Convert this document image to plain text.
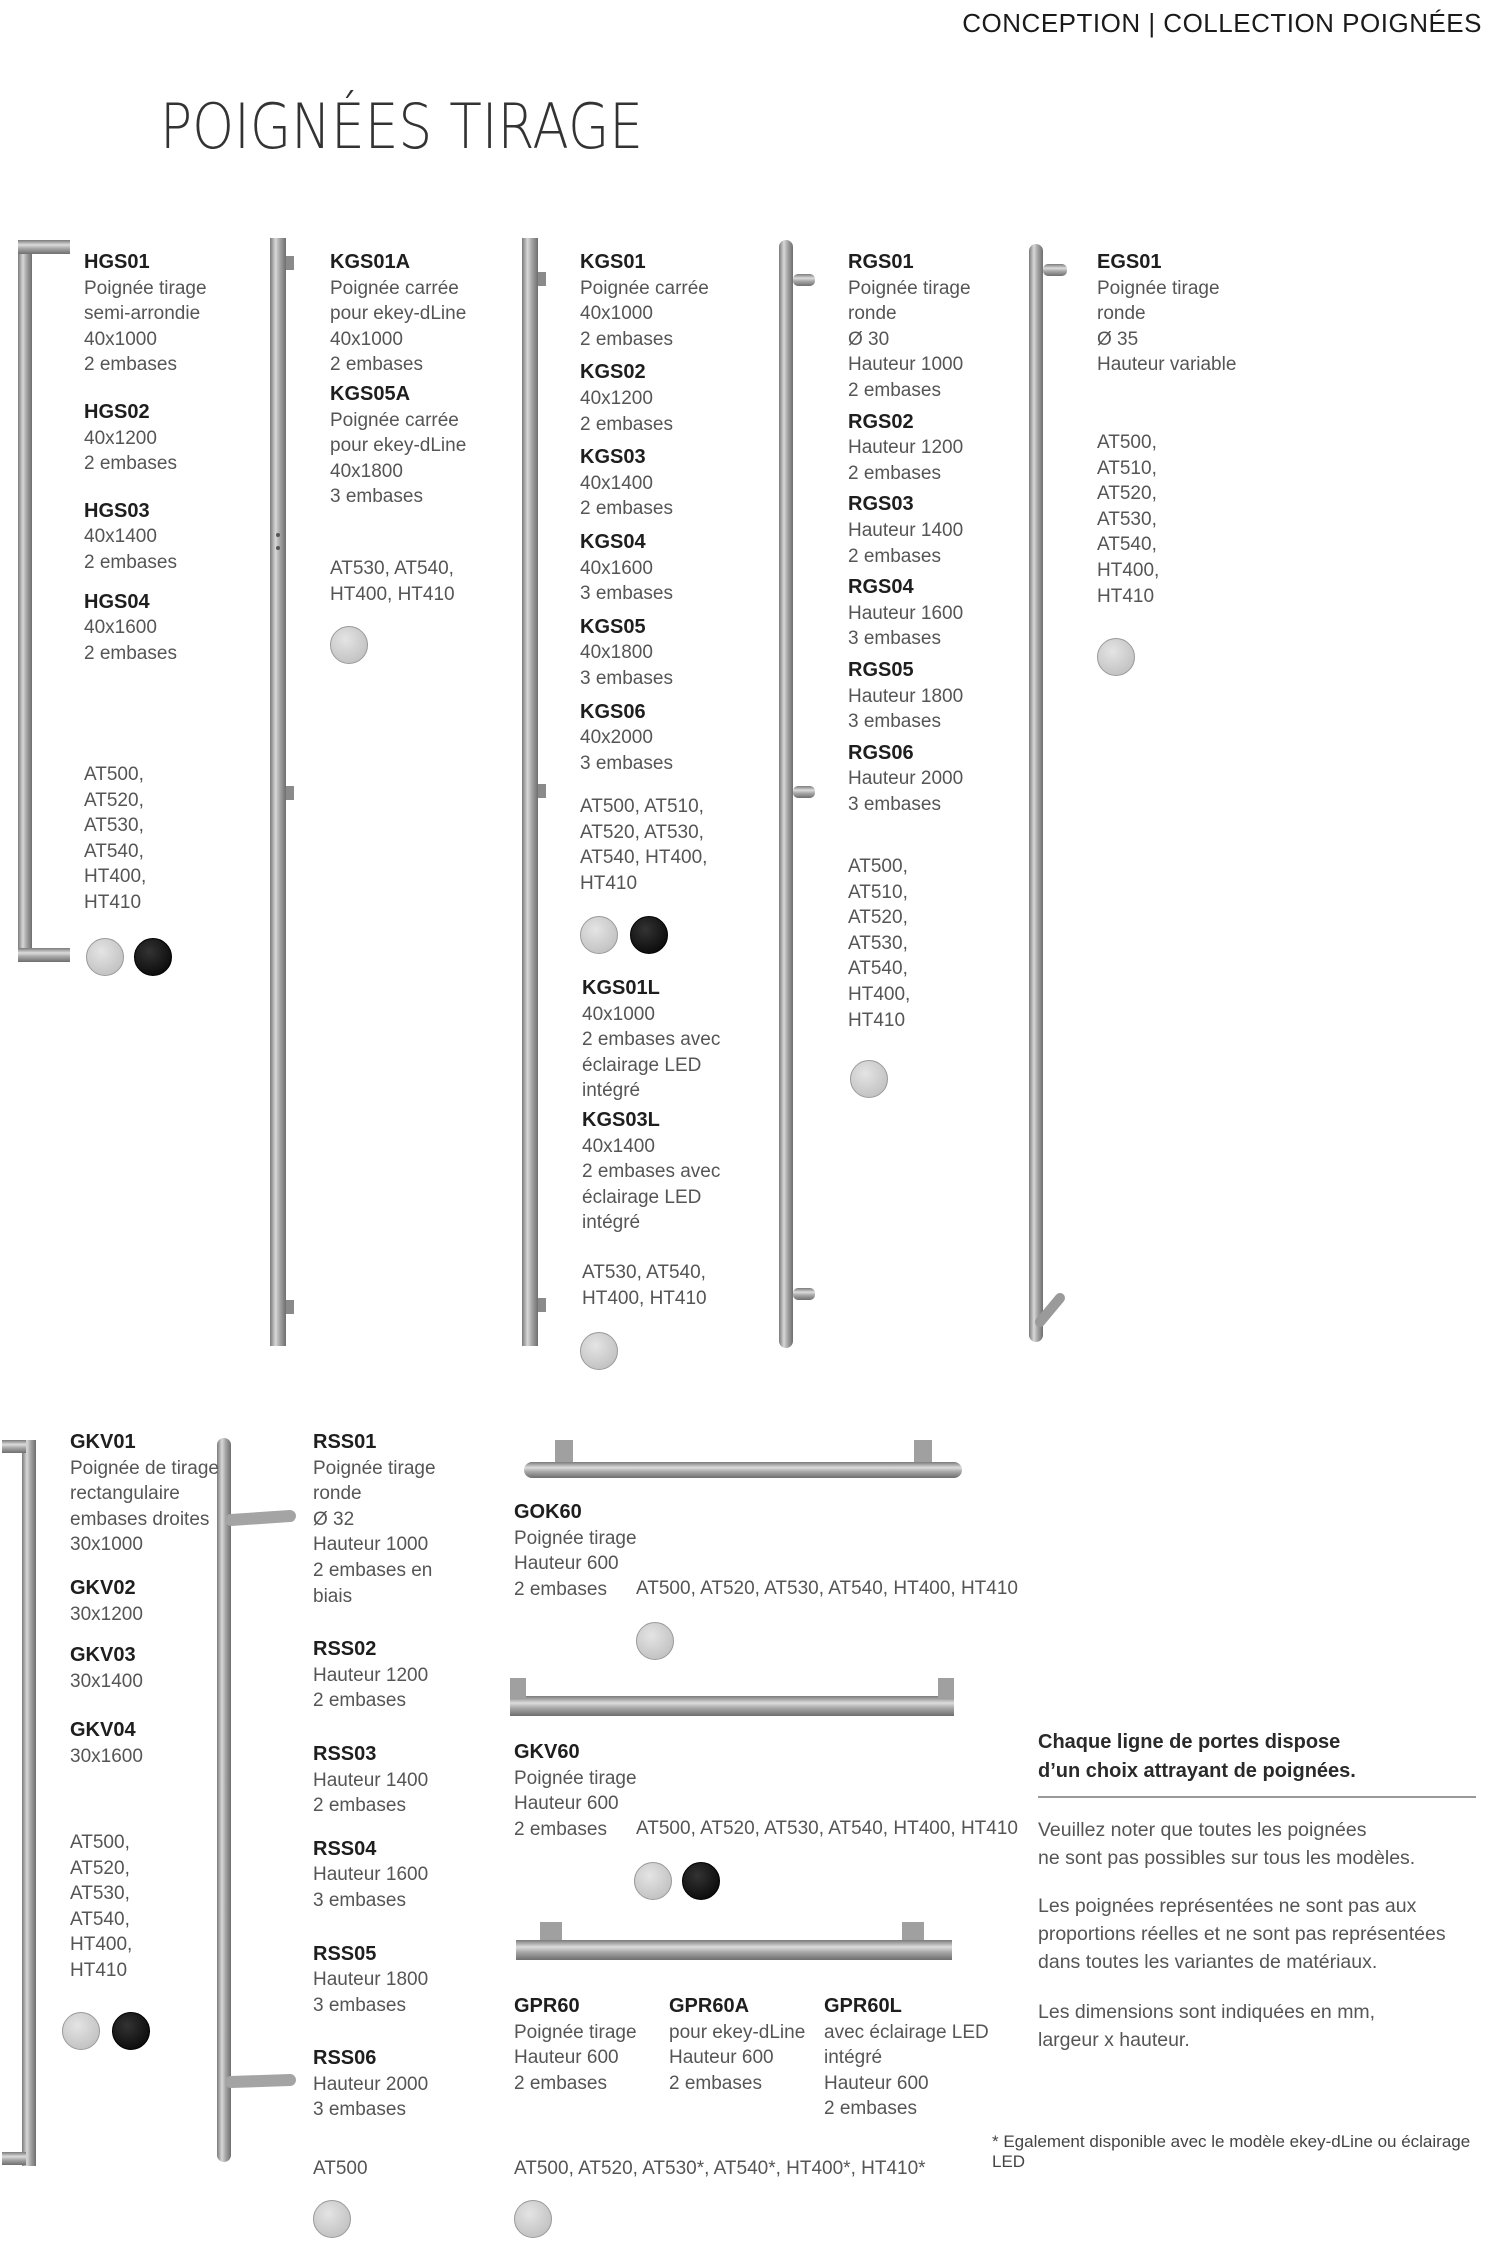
CONCEPTION | COLLECTION POIGNÉES
POIGNÉES TIRAGE
HGS01
Poignée tirage
semi-arrondie
40x1000
2 embases
HGS02
40x1200
2 embases
HGS03
40x1400
2 embases
HGS04
40x1600
2 embases
AT500,
AT520,
AT530,
AT540,
HT400,
HT410
KGS01A
Poignée carrée
pour ekey-dLine
40x1000
2 embases
KGS05A
Poignée carrée
pour ekey-dLine
40x1800
3 embases
AT530, AT540,
HT400, HT410
KGS01
Poignée carrée
40x1000
2 embases
KGS02
40x1200
2 embases
KGS03
40x1400
2 embases
KGS04
40x1600
3 embases
KGS05
40x1800
3 embases
KGS06
40x2000
3 embases
AT500, AT510,
AT520, AT530,
AT540, HT400,
HT410
KGS01L
40x1000
2 embases avec
éclairage LED
intégré
KGS03L
40x1400
2 embases avec
éclairage LED
intégré
AT530, AT540,
HT400, HT410
RGS01
Poignée tirage
ronde
Ø 30
Hauteur 1000
2 embases
RGS02
Hauteur 1200
2 embases
RGS03
Hauteur 1400
2 embases
RGS04
Hauteur 1600
3 embases
RGS05
Hauteur 1800
3 embases
RGS06
Hauteur 2000
3 embases
AT500,
AT510,
AT520,
AT530,
AT540,
HT400,
HT410
EGS01
Poignée tirage
ronde
Ø 35
Hauteur variable
AT500,
AT510,
AT520,
AT530,
AT540,
HT400,
HT410
GKV01
Poignée de tirage
rectangulaire
embases droites
30x1000
GKV02
30x1200
GKV03
30x1400
GKV04
30x1600
AT500,
AT520,
AT530,
AT540,
HT400,
HT410
RSS01
Poignée tirage
ronde
Ø 32
Hauteur 1000
2 embases en
biais
RSS02
Hauteur 1200
2 embases
RSS03
Hauteur 1400
2 embases
RSS04
Hauteur 1600
3 embases
RSS05
Hauteur 1800
3 embases
RSS06
Hauteur 2000
3 embases
AT500
GOK60
Poignée tirage
Hauteur 600
2 embases	AT500, AT520, AT530, AT540, HT400, HT410
GKV60
Poignée tirage
Hauteur 600
2 embases	AT500, AT520, AT530, AT540, HT400, HT410
GPR60
Poignée tirage
Hauteur 600
2 embases
GPR60A
pour ekey-dLine
Hauteur 600
2 embases
GPR60L
avec éclairage LED
intégré
Hauteur 600
2 embases
AT500, AT520, AT530*, AT540*, HT400*, HT410*
Chaque ligne de portes dispose
d’un choix attrayant de poignées.
Veuillez noter que toutes les poignées
ne sont pas possibles sur tous les modèles.
Les poignées représentées ne sont pas aux
proportions réelles et ne sont pas représentées
dans toutes les variantes de matériaux.
Les dimensions sont indiquées en mm,
largeur x hauteur.
* Egalement disponible avec le modèle ekey-dLine ou éclairage LED
